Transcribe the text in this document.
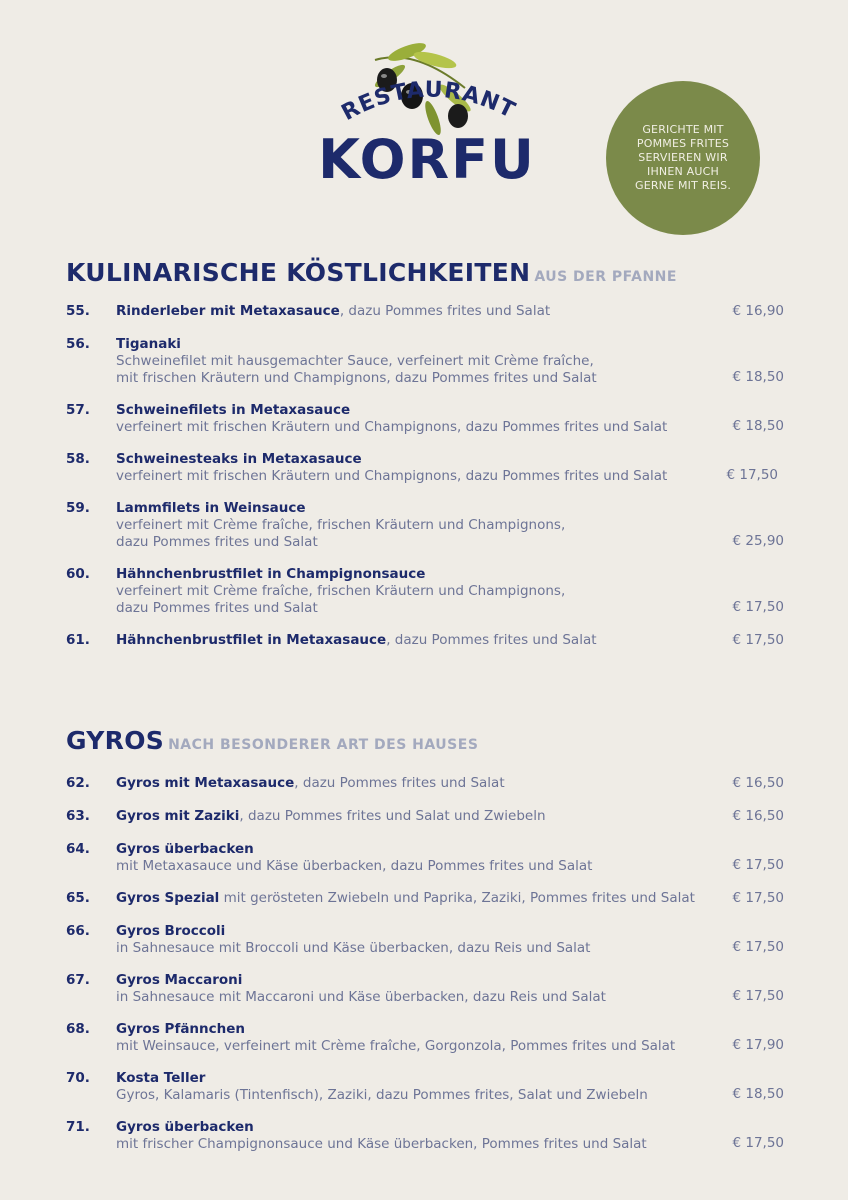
RESTAURANT
KORFU	GERICHTE MIT POMMES FRITES SERVIEREN WIR IHNEN AUCH GERNE MIT REIS.
KULINARISCHE KÖSTLICHKEITEN AUS DER PFANNE
55. Rinderleber mit Metaxasauce, dazu Pommes frites und Salat	€ 16,90
56. Tiganaki
Schweinefilet mit hausgemachter Sauce, verfeinert mit Crème fraîche,
mit frischen Kräutern und Champignons, dazu Pommes frites und Salat	€ 18,50
57. Schweinefilets in Metaxasauce
verfeinert mit frischen Kräutern und Champignons, dazu Pommes frites und Salat	€ 18,50
58. Schweinesteaks in Metaxasauce
verfeinert mit frischen Kräutern und Champignons, dazu Pommes frites und Salat	€ 17,50
59. Lammfilets in Weinsauce
verfeinert mit Crème fraîche, frischen Kräutern und Champignons,
dazu Pommes frites und Salat	€ 25,90
60. Hähnchenbrustfilet in Champignonsauce
verfeinert mit Crème fraîche, frischen Kräutern und Champignons,
dazu Pommes frites und Salat	€ 17,50
61. Hähnchenbrustfilet in Metaxasauce, dazu Pommes frites und Salat	€ 17,50
GYROS NACH BESONDERER ART DES HAUSES
62. Gyros mit Metaxasauce, dazu Pommes frites und Salat	€ 16,50
63. Gyros mit Zaziki, dazu Pommes frites und Salat und Zwiebeln	€ 16,50
64. Gyros überbacken
mit Metaxasauce und Käse überbacken, dazu Pommes frites und Salat	€ 17,50
65. Gyros Spezial mit gerösteten Zwiebeln und Paprika, Zaziki, Pommes frites und Salat	€ 17,50
66. Gyros Broccoli
in Sahnesauce mit Broccoli und Käse überbacken, dazu Reis und Salat	€ 17,50
67. Gyros Maccaroni
in Sahnesauce mit Maccaroni und Käse überbacken, dazu Reis und Salat	€ 17,50
68. Gyros Pfännchen
mit Weinsauce, verfeinert mit Crème fraîche, Gorgonzola, Pommes frites und Salat	€ 17,90
70. Kosta Teller
Gyros, Kalamaris (Tintenfisch), Zaziki, dazu Pommes frites, Salat und Zwiebeln	€ 18,50
71. Gyros überbacken
mit frischer Champignonsauce und Käse überbacken, Pommes frites und Salat	€ 17,50
